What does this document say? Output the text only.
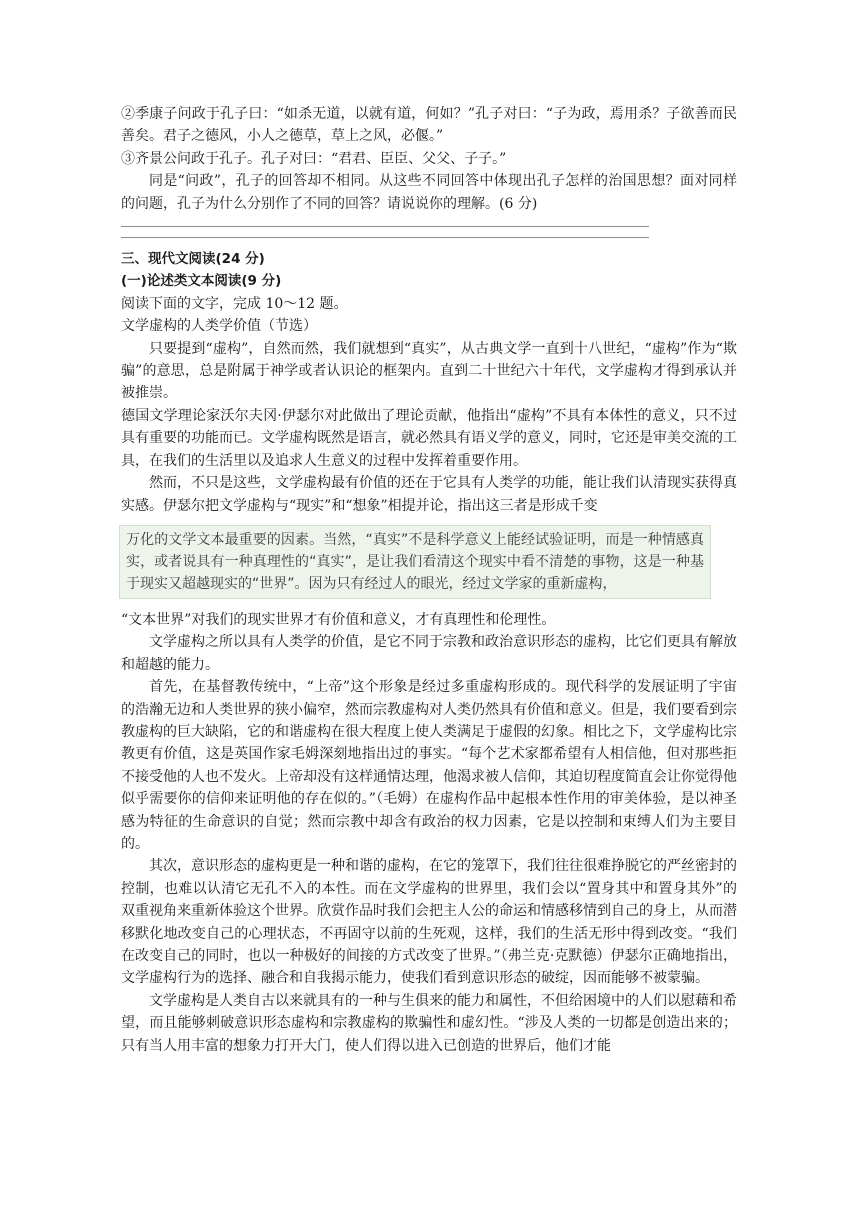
②季康子问政于孔子曰：“如杀无道，以就有道，何如？”孔子对曰：“子为政，焉用杀？子欲善而民善矣。君子之德风，小人之德草，草上之风，必偃。”

③齐景公问政于孔子。孔子对曰：“君君、臣臣、父父、子子。”

同是“问政”，孔子的回答却不相同。从这些不同回答中体现出孔子怎样的治国思想？面对同样的问题，孔子为什么分别作了不同的回答？请说说你的理解。(6 分)

三、现代文阅读(24 分)

(一)论述类文本阅读(9 分)

阅读下面的文字，完成 10～12 题。

文学虚构的人类学价值（节选）

只要提到“虚构”，自然而然，我们就想到“真实”，从古典文学一直到十八世纪，“虚构”作为“欺骗”的意思，总是附属于神学或者认识论的框架内。直到二十世纪六十年代，文学虚构才得到承认并被推崇。

德国文学理论家沃尔夫冈·伊瑟尔对此做出了理论贡献，他指出“虚构”不具有本体性的意义，只不过具有重要的功能而已。文学虚构既然是语言，就必然具有语义学的意义，同时，它还是审美交流的工具，在我们的生活里以及追求人生意义的过程中发挥着重要作用。

然而，不只是这些，文学虚构最有价值的还在于它具有人类学的功能，能让我们认清现实获得真实感。伊瑟尔把文学虚构与“现实”和“想象”相提并论，指出这三者是形成千变

万化的文学文本最重要的因素。当然，“真实”不是科学意义上能经试验证明，而是一种情感真实，或者说具有一种真理性的“真实”，是让我们看清这个现实中看不清楚的事物，这是一种基于现实又超越现实的“世界”。因为只有经过人的眼光，经过文学家的重新虚构，

“文本世界”对我们的现实世界才有价值和意义，才有真理性和伦理性。

文学虚构之所以具有人类学的价值，是它不同于宗教和政治意识形态的虚构，比它们更具有解放和超越的能力。

首先，在基督教传统中，“上帝”这个形象是经过多重虚构形成的。现代科学的发展证明了宇宙的浩瀚无边和人类世界的狭小偏窄，然而宗教虚构对人类仍然具有价值和意义。但是，我们要看到宗教虚构的巨大缺陷，它的和谐虚构在很大程度上使人类满足于虚假的幻象。相比之下，文学虚构比宗教更有价值，这是英国作家毛姆深刻地指出过的事实。“每个艺术家都希望有人相信他，但对那些拒不接受他的人也不发火。上帝却没有这样通情达理，他渴求被人信仰，其迫切程度简直会让你觉得他似乎需要你的信仰来证明他的存在似的。”（毛姆）在虚构作品中起根本性作用的审美体验，是以神圣感为特征的生命意识的自觉；然而宗教中却含有政治的权力因素，它是以控制和束缚人们为主要目的。

其次，意识形态的虚构更是一种和谐的虚构，在它的笼罩下，我们往往很难挣脱它的严丝密封的控制，也难以认清它无孔不入的本性。而在文学虚构的世界里，我们会以“置身其中和置身其外”的双重视角来重新体验这个世界。欣赏作品时我们会把主人公的命运和情感移情到自己的身上，从而潜移默化地改变自己的心理状态，不再固守以前的生死观，这样，我们的生活无形中得到改变。“我们在改变自己的同时，也以一种极好的间接的方式改变了世界。”（弗兰克·克默德）伊瑟尔正确地指出，文学虚构行为的选择、融合和自我揭示能力，使我们看到意识形态的破绽，因而能够不被蒙骗。

文学虚构是人类自古以来就具有的一种与生俱来的能力和属性，不但给困境中的人们以慰藉和希望，而且能够刺破意识形态虚构和宗教虚构的欺骗性和虚幻性。“涉及人类的一切都是创造出来的；只有当人用丰富的想象力打开大门，使人们得以进入已创造的世界后，他们才能
